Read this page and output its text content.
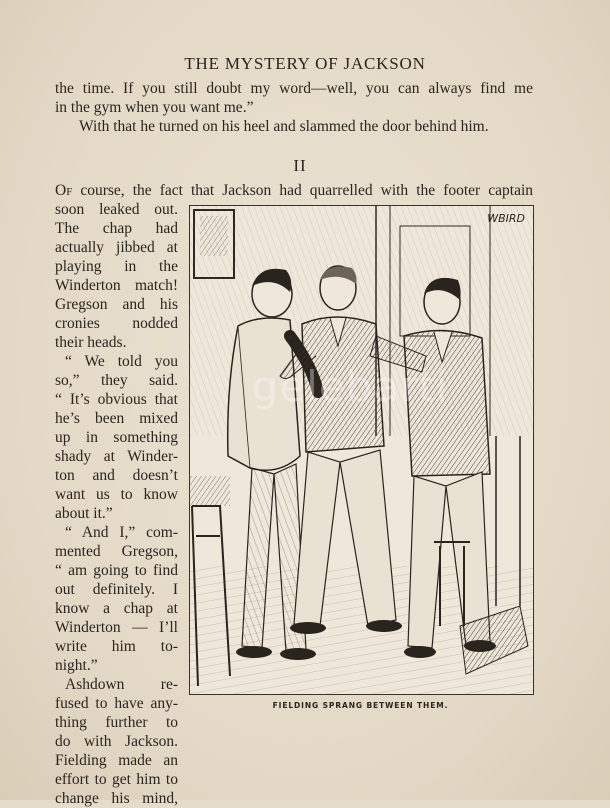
THE MYSTERY OF JACKSON
the time. If you still doubt my word—well, you can always find me
in the gym when you want me.”

With that he turned on his heel and slammed the door behind him.

II

Of course, the fact that Jackson had quarrelled with the footer captain

soon leaked out.
The chap had
actually jibbed at
playing in the
Winderton match!
Gregson and his
cronies nodded
their heads.
“ We told you
so,” they said.
“ It’s obvious that
he’s been mixed
up in something
shady at Winder-
ton and doesn’t
want us to know
about it.”
“ And I,” com-
mented Gregson,
“ am going to find
out definitely. I
know a chap at
Winderton — I’ll
write him to-
night.”
Ashdown re-
fused to have any-
thing further to
do with Jackson.
Fielding made an
effort to get him to
change his mind,
WBIRD
FIELDING SPRANG BETWEEN THEM.
gelebarti
